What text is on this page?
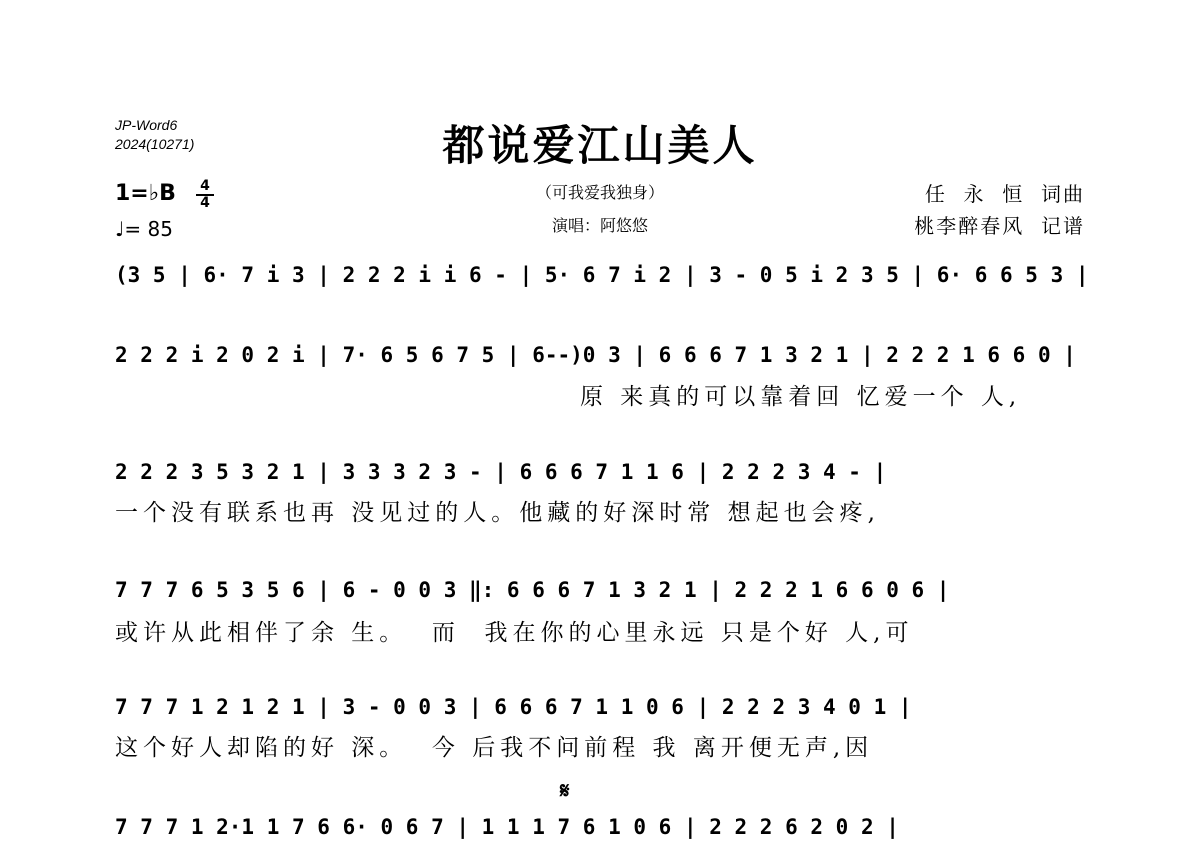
JP-Word6
2024(10271)	都说爱江山美人
（可我爱我独身）
演唱：阿悠悠
任  永  恒  词曲
桃李醉春风  记谱
1=♭B 4
4
♩= 85
(3 5 | 6· 7 i 3 | 2 2 2 i i 6 - | 5· 6 7 i 2 | 3 - 0 5 i 2 3 5 | 6· 6 6 5 3 |
2 2 2 i 2 0 2 i | 7· 6 5 6 7 5 | 6--)0 3 | 6 6 6 7 1 3 2 1 | 2 2 2 1 6 6 0 |
原 来真的可以靠着回 忆爱一个 人,
2 2 2 3 5 3 2 1 | 3 3 3 2 3 - | 6 6 6 7 1 1 6 | 2 2 2 3 4 - |
一个没有联系也再 没见过的人。他藏的好深时常 想起也会疼,
7 7 7 6 5 3 5 6 | 6 - 0 0 3 ‖: 6 6 6 7 1 3 2 1 | 2 2 2 1 6 6 0 6 |
或许从此相伴了余 生。  而  我在你的心里永远 只是个好 人,可
7 7 7 1 2 1 2 1 | 3 - 0 0 3 | 6 6 6 7 1 1 0 6 | 2 2 2 3 4 0 1 |
这个好人却陷的好 深。  今 后我不问前程 我 离开便无声,因
𝄋
7 7 7 1 2·1 1 7 6 6· 0 6 7 | 1 1 1 7 6 1 0 6 | 2 2 2 6 2 0 2 |
